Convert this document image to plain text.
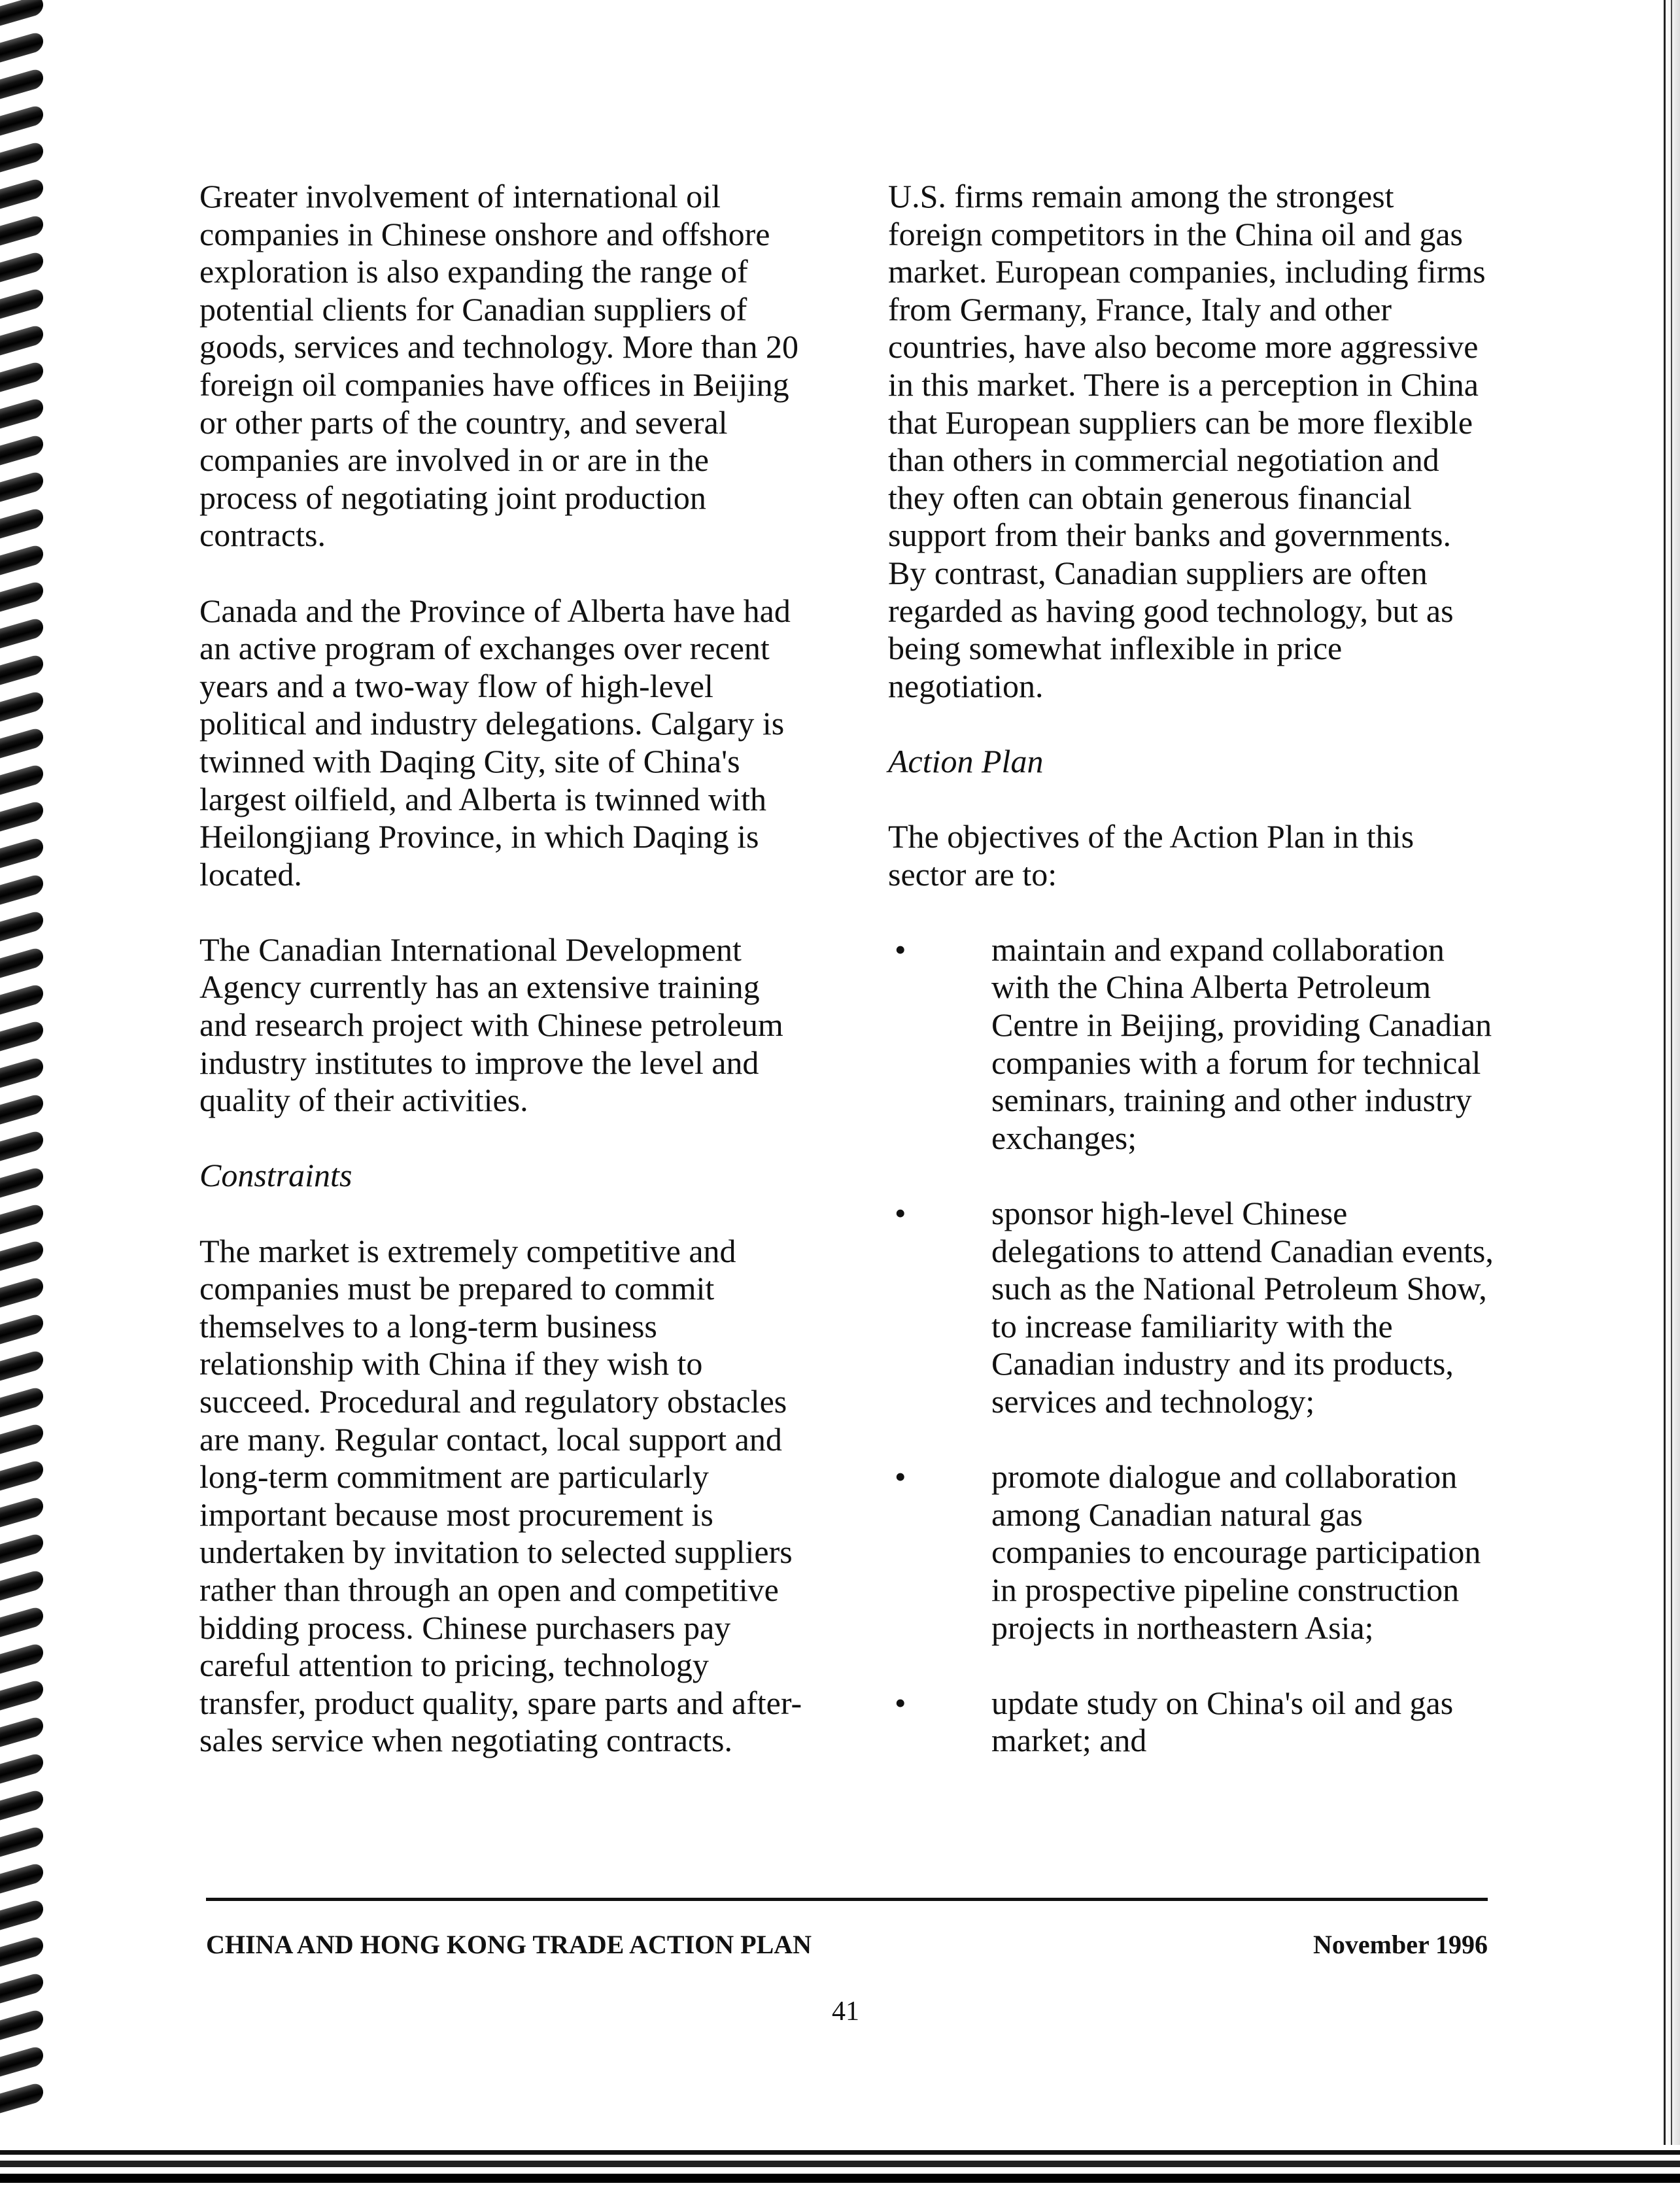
Greater involvement of international oil companies in Chinese onshore and offshore exploration is also expanding the range of potential clients for Canadian suppliers of goods, services and technology. More than 20 foreign oil companies have offices in Beijing or other parts of the country, and several companies are involved in or are in the process of negotiating joint production contracts.

Canada and the Province of Alberta have had an active program of exchanges over recent years and a two-way flow of high-level political and industry delegations. Calgary is twinned with Daqing City, site of China's largest oilfield, and Alberta is twinned with Heilongjiang Province, in which Daqing is located.

The Canadian International Development Agency currently has an extensive training and research project with Chinese petroleum industry institutes to improve the level and quality of their activities.

Constraints

The market is extremely competitive and companies must be prepared to commit themselves to a long-term business relationship with China if they wish to succeed. Procedural and regulatory obstacles are many. Regular contact, local support and long-term commitment are particularly important because most procurement is undertaken by invitation to selected suppliers rather than through an open and competitive bidding process. Chinese purchasers pay careful attention to pricing, technology transfer, product quality, spare parts and after-sales service when negotiating contracts.

U.S. firms remain among the strongest foreign competitors in the China oil and gas market. European companies, including firms from Germany, France, Italy and other countries, have also become more aggressive in this market. There is a perception in China that European suppliers can be more flexible than others in commercial negotiation and they often can obtain generous financial support from their banks and governments. By contrast, Canadian suppliers are often regarded as having good technology, but as being somewhat inflexible in price negotiation.

Action Plan

The objectives of the Action Plan in this sector are to:

•	maintain and expand collaboration with the China Alberta Petroleum Centre in Beijing, providing Canadian companies with a forum for technical seminars, training and other industry exchanges;
•	sponsor high-level Chinese delegations to attend Canadian events, such as the National Petroleum Show, to increase familiarity with the Canadian industry and its products, services and technology;
•	promote dialogue and collaboration among Canadian natural gas companies to encourage participation in prospective pipeline construction projects in northeastern Asia;
•	update study on China's oil and gas market; and
CHINA AND HONG KONG TRADE ACTION PLAN	November 1996
41
